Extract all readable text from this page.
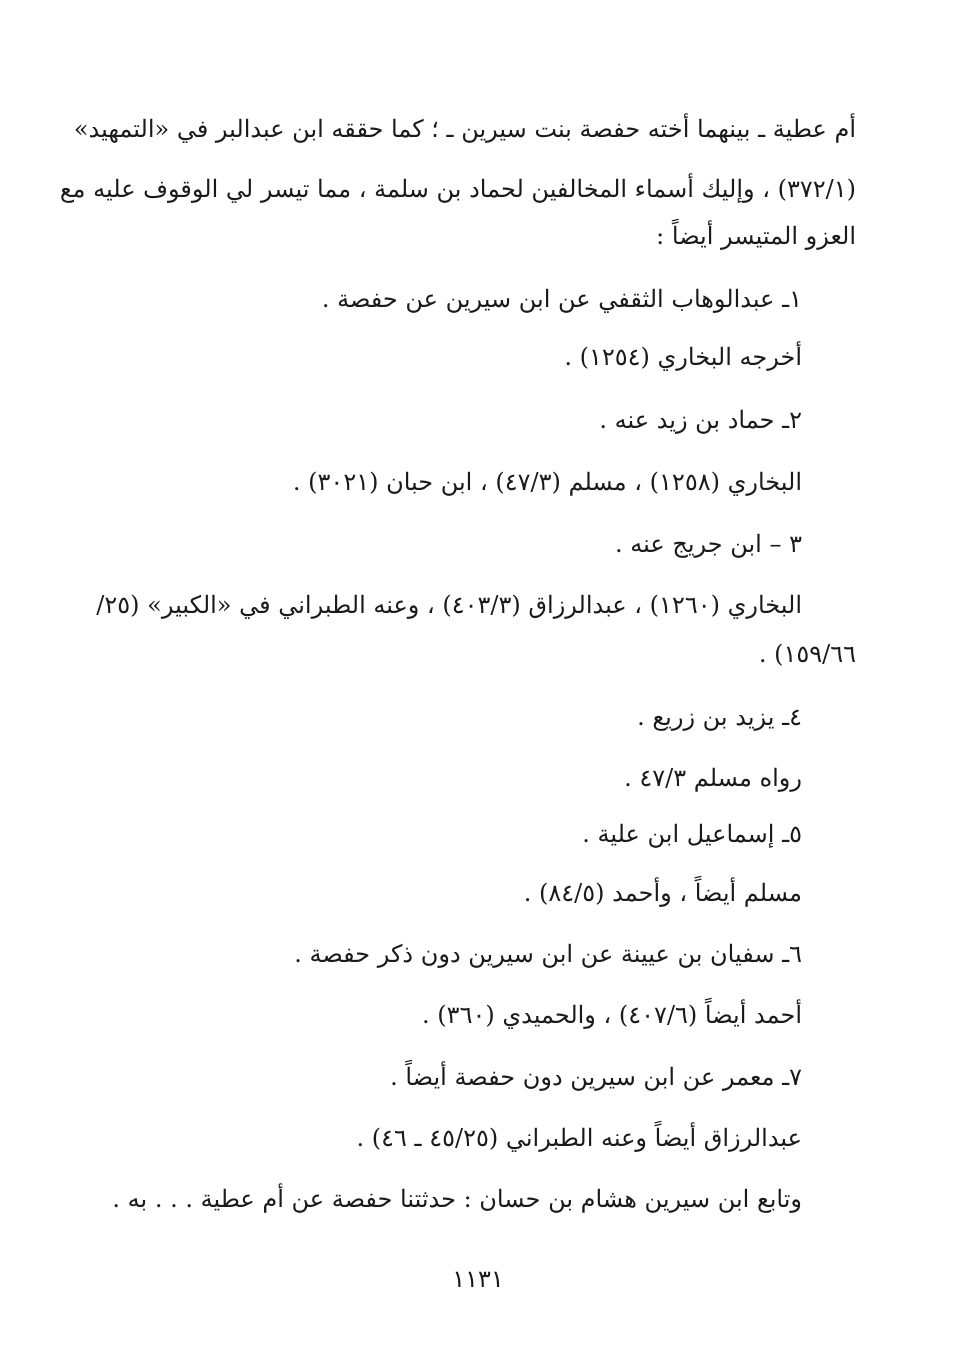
أم عطية ـ بينهما أخته حفصة بنت سيرين ـ ؛ كما حققه ابن عبدالبر في «التمهيد»
(٣٧٢/١) ، وإليك أسماء المخالفين لحماد بن سلمة ، مما تيسر لي الوقوف عليه مع
العزو المتيسر أيضاً :
١ـ عبدالوهاب الثقفي عن ابن سيرين عن حفصة .
أخرجه البخاري (١٢٥٤) .
٢ـ حماد بن زيد عنه .
البخاري (١٢٥٨) ، مسلم (٤٧/٣) ، ابن حبان (٣٠٢١) .
٣ – ابن جريج عنه .
البخاري (١٢٦٠) ، عبدالرزاق (٤٠٣/٣) ، وعنه الطبراني في «الكبير» (٢٥/
١٥٩/٦٦) .
٤ـ يزيد بن زريع .
رواه مسلم ٤٧/٣ .
٥ـ إسماعيل ابن علية .
مسلم أيضاً ، وأحمد (٨٤/٥) .
٦ـ سفيان بن عيينة عن ابن سيرين دون ذكر حفصة .
أحمد أيضاً (٤٠٧/٦) ، والحميدي (٣٦٠) .
٧ـ معمر عن ابن سيرين دون حفصة أيضاً .
عبدالرزاق أيضاً وعنه الطبراني (٤٥/٢٥ ـ ٤٦) .
وتابع ابن سيرين هشام بن حسان : حدثتنا حفصة عن أم عطية . . . به .
١١٣١
